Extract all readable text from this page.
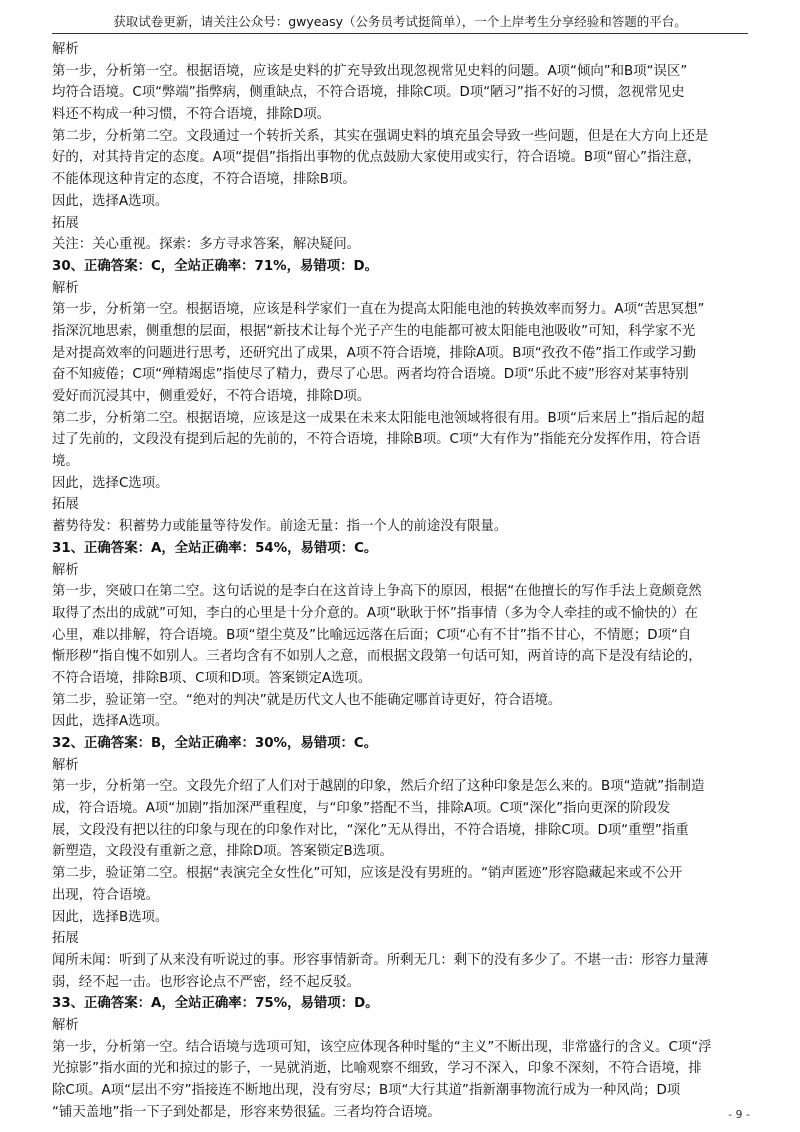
获取试卷更新，请关注公众号：gwyeasy（公务员考试挺简单），一个上岸考生分享经验和答题的平台。
解析
第一步，分析第一空。根据语境，应该是史料的扩充导致出现忽视常见史料的问题。A项“倾向”和B项“误区”
均符合语境。C项“弊端”指弊病，侧重缺点，不符合语境，排除C项。D项“陋习”指不好的习惯，忽视常见史
料还不构成一种习惯，不符合语境，排除D项。
第二步，分析第二空。文段通过一个转折关系，其实在强调史料的填充虽会导致一些问题，但是在大方向上还是
好的，对其持肯定的态度。A项“提倡”指指出事物的优点鼓励大家使用或实行，符合语境。B项“留心”指注意，
不能体现这种肯定的态度，不符合语境，排除B项。
因此，选择A选项。
拓展
关注：关心重视。探索：多方寻求答案，解决疑问。
30、正确答案：C，全站正确率：71%，易错项：D。
解析
第一步，分析第一空。根据语境，应该是科学家们一直在为提高太阳能电池的转换效率而努力。A项“苦思冥想”
指深沉地思索，侧重想的层面，根据“新技术让每个光子产生的电能都可被太阳能电池吸收”可知，科学家不光
是对提高效率的问题进行思考，还研究出了成果，A项不符合语境，排除A项。B项“孜孜不倦”指工作或学习勤
奋不知疲倦；C项“殚精竭虑”指使尽了精力，费尽了心思。两者均符合语境。D项“乐此不疲”形容对某事特别
爱好而沉浸其中，侧重爱好，不符合语境，排除D项。
第二步，分析第二空。根据语境，应该是这一成果在未来太阳能电池领域将很有用。B项“后来居上”指后起的超
过了先前的，文段没有提到后起的先前的，不符合语境，排除B项。C项“大有作为”指能充分发挥作用，符合语
境。
因此，选择C选项。
拓展
蓄势待发：积蓄势力或能量等待发作。前途无量：指一个人的前途没有限量。
31、正确答案：A，全站正确率：54%，易错项：C。
解析
第一步，突破口在第二空。这句话说的是李白在这首诗上争高下的原因，根据“在他擅长的写作手法上竟颇竟然
取得了杰出的成就”可知，李白的心里是十分介意的。A项“耿耿于怀”指事情（多为令人牵挂的或不愉快的）在
心里，难以排解，符合语境。B项“望尘莫及”比喻远远落在后面；C项“心有不甘”指不甘心，不情愿；D项“自
惭形秽”指自愧不如别人。三者均含有不如别人之意，而根据文段第一句话可知，两首诗的高下是没有结论的，
不符合语境，排除B项、C项和D项。答案锁定A选项。
第二步，验证第一空。“绝对的判决”就是历代文人也不能确定哪首诗更好，符合语境。
因此，选择A选项。
32、正确答案：B，全站正确率：30%，易错项：C。
解析
第一步，分析第一空。文段先介绍了人们对于越剧的印象，然后介绍了这种印象是怎么来的。B项“造就”指制造
成，符合语境。A项“加剧”指加深严重程度，与“印象”搭配不当，排除A项。C项“深化”指向更深的阶段发
展，文段没有把以往的印象与现在的印象作对比，“深化”无从得出，不符合语境，排除C项。D项“重塑”指重
新塑造，文段没有重新之意，排除D项。答案锁定B选项。
第二步，验证第二空。根据“表演完全女性化”可知，应该是没有男班的。“销声匿迹”形容隐藏起来或不公开
出现，符合语境。
因此，选择B选项。
拓展
闻所未闻：听到了从来没有听说过的事。形容事情新奇。所剩无几：剩下的没有多少了。不堪一击：形容力量薄
弱，经不起一击。也形容论点不严密，经不起反驳。
33、正确答案：A，全站正确率：75%，易错项：D。
解析
第一步，分析第一空。结合语境与选项可知，该空应体现各种时髦的“主义”不断出现，非常盛行的含义。C项“浮
光掠影”指水面的光和掠过的影子，一晃就消逝，比喻观察不细致，学习不深入，印象不深刻，不符合语境，排
除C项。A项“层出不穷”指接连不断地出现，没有穷尽；B项“大行其道”指新潮事物流行成为一种风尚；D项
“铺天盖地”指一下子到处都是，形容来势很猛。三者均符合语境。	- 9 -
